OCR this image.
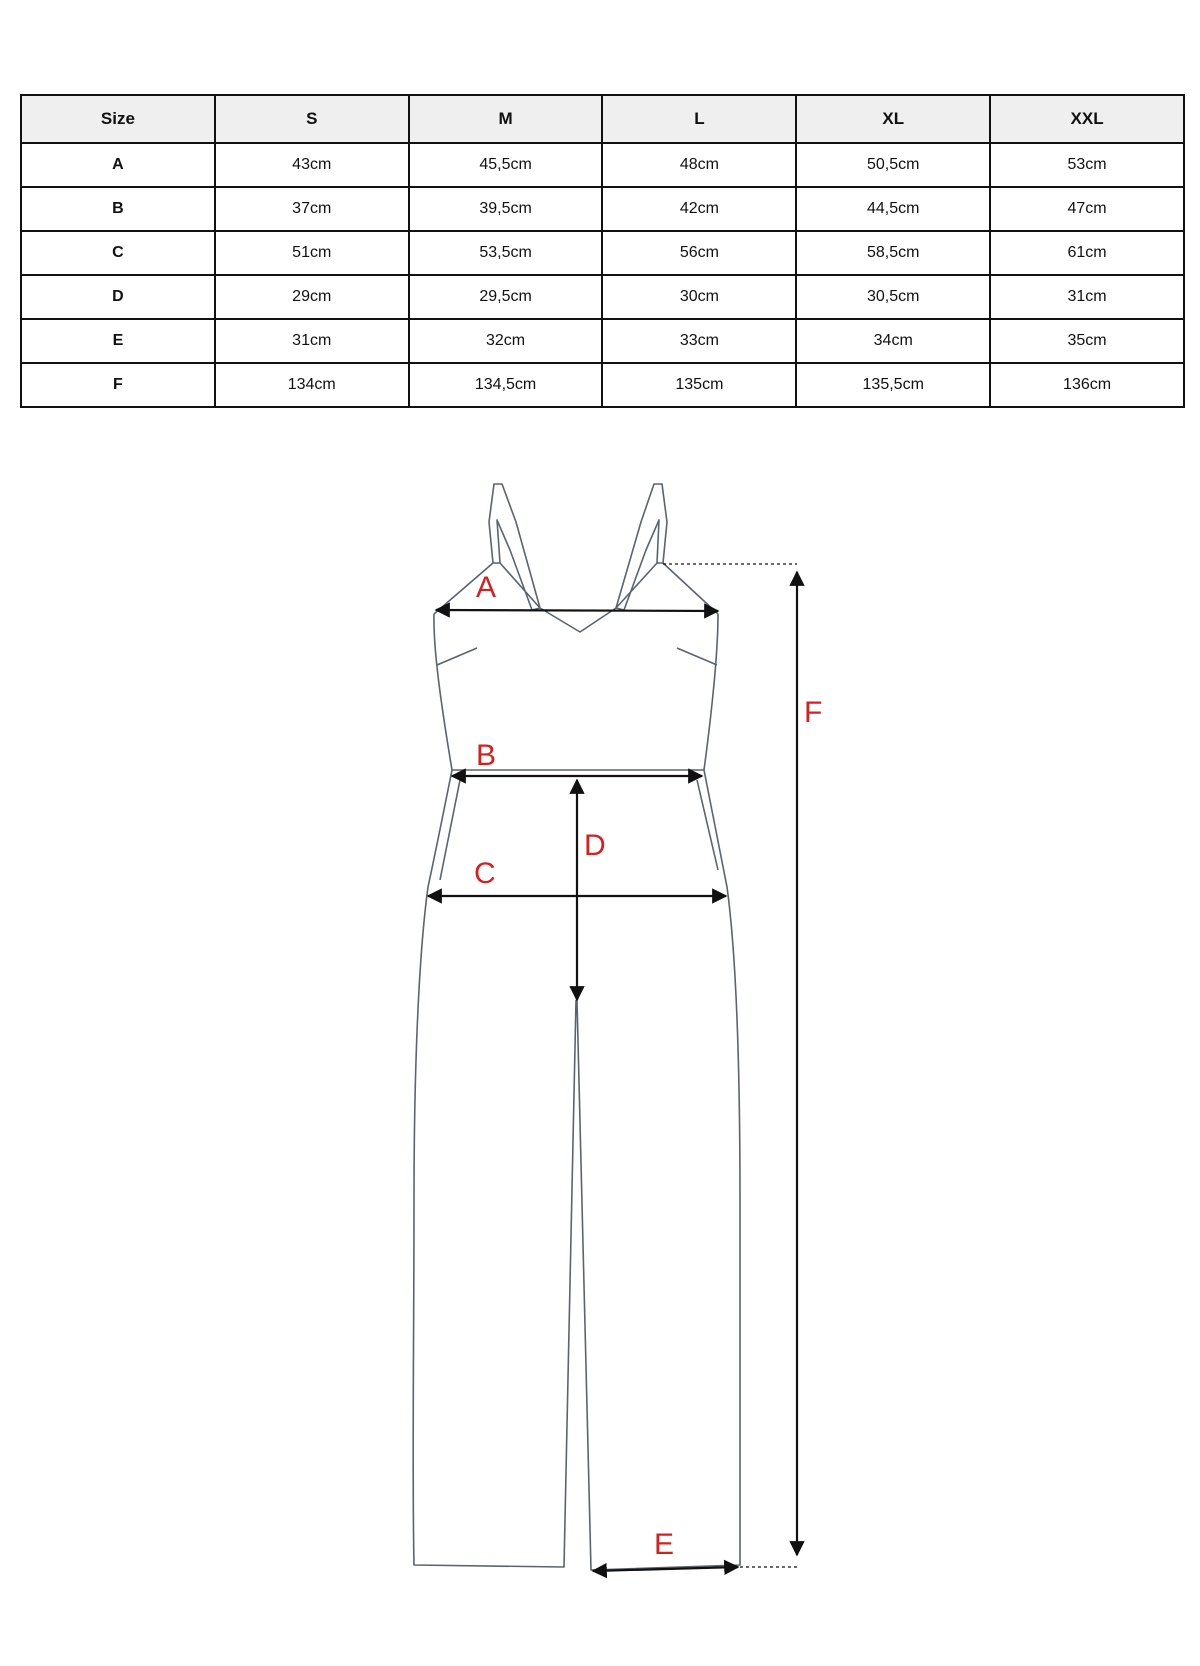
Size	S	M	L	XL	XXL
A	43cm	45,5cm	48cm	50,5cm	53cm
B	37cm	39,5cm	42cm	44,5cm	47cm
C	51cm	53,5cm	56cm	58,5cm	61cm
D	29cm	29,5cm	30cm	30,5cm	31cm
E	31cm	32cm	33cm	34cm	35cm
F	134cm	134,5cm	135cm	135,5cm	136cm
A
B
C
D
E
F
